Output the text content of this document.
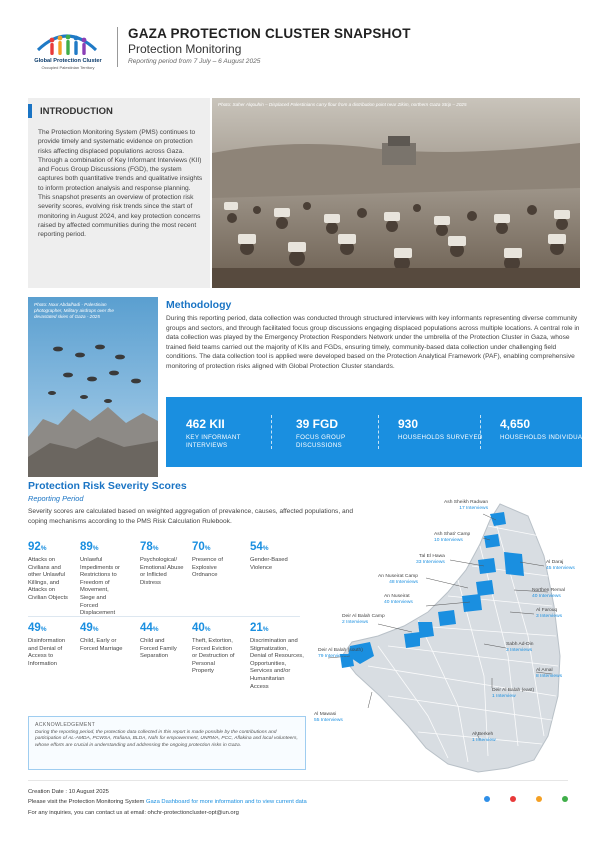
Global Protection Cluster
Occupied Palestinian Territory
GAZA PROTECTION CLUSTER SNAPSHOT
Protection Monitoring
Reporting period from 7 July – 6 August 2025
INTRODUCTION
The Protection Monitoring System (PMS) continues to provide timely and systematic evidence on protection risks affecting displaced populations across Gaza. Through a combination of Key Informant Interviews (KII) and Focus Group Discussions (FGD), the system captures both quantitative trends and qualitative insights to inform protection analysis and response planning. This snapshot presents an overview of protection risk severity scores, evolving risk trends since the start of monitoring in August 2024, and key protection concerns raised by affected communities during the most recent reporting period.
Photo: Saher Alqouhin – Displaced Palestinians carry flour from a distribution point near Zikim, northern Gaza Strip – 2025
Photo: Nour Abdalhadi - Palestinian photographer, Military airdrops over the devastated skies of Gaza - 2025
Methodology
During this reporting period, data collection was conducted through structured interviews with key informants representing diverse community groups and sectors, and through facilitated focus group discussions engaging displaced populations across multiple locations. A central role in data collection was played by the Emergency Protection Responders Network under the umbrella of the Protection Cluster in Gaza, whose trained field teams carried out the majority of KIIs and FGDs, ensuring timely, community-based data collection under challenging field conditions. The data collection tool is applied were developed based on the Protection Analytical Framework (PAF), enabling comprehensive monitoring of protection risks aligned with Global Protection Cluster standards.
462 KII
KEY INFORMANT INTERVIEWS
39 FGD
FOCUS GROUP DISCUSSIONS
930
HOUSEHOLDS SURVEYED
4,650
HOUSEHOLDS INDIVIDUALS
Protection Risk Severity Scores
Reporting Period
Severity scores are calculated based on weighted aggregation of prevalence, causes, affected populations, and coping mechanisms according to the PMS Risk Calculation Rulebook.
92%
Attacks on Civilians and other Unlawful Killings, and Attacks on Civilian Objects
89%
Unlawful Impediments or Restrictions to Freedom of Movement, Siege and Forced Displacement
78%
Psychological/ Emotional Abuse or Inflicted Distress
70%
Presence of Explosive Ordnance
54%
Gender-Based Violence
49%
Disinformation and Denial of Access to Information
49%
Child, Early or Forced Marriage
44%
Child and Forced Family Separation
40%
Theft, Extortion, Forced Eviction or Destruction of Personal Property
21%
Discrimination and Stigmatization, Denial of Resources, Opportunities, Services and/or Humanitarian Access
ACKNOWLEDGEMENT
During the reporting period, the protection data collected in this report is made possible by the contributions and participation of AL-AMDA, PCWSA, Rafiana, BLDA, Nafs for empowerment, UNRWA, PCC, Aflakina and local volunteers, whose efforts are crucial in understanding and addressing the ongoing protection risks in Gaza.
Ash Sheikh Radwan
17 Interviews
Ash Shati' Camp
10 Interviews
Tal El Hawa
33 Interviews	Al Daraj
45 Interviews
An Nuseirat Camp
48 Interviews
Northen Remal
40 Interviews
An Nuseirat
40 Interviews
Al Farouq
3 Interviews
Deir Al Balah Camp
2 Interviews
Sabh Ad-Din
3 Interviews
Deir Al Balah (south)
79 Interviews
Al Amal
8 Interviews
Al Mawasi
55 Interviews
Deir Al Balah (east)
1 Interview
Al Berkeh
1 Interview
Creation Date : 10 August 2025
Please visit the Protection Monitoring System Gaza Dashboard for more information and to view current data
For any inquiries, you can contact us at email: ohchr-protectioncluster-opt@un.org
